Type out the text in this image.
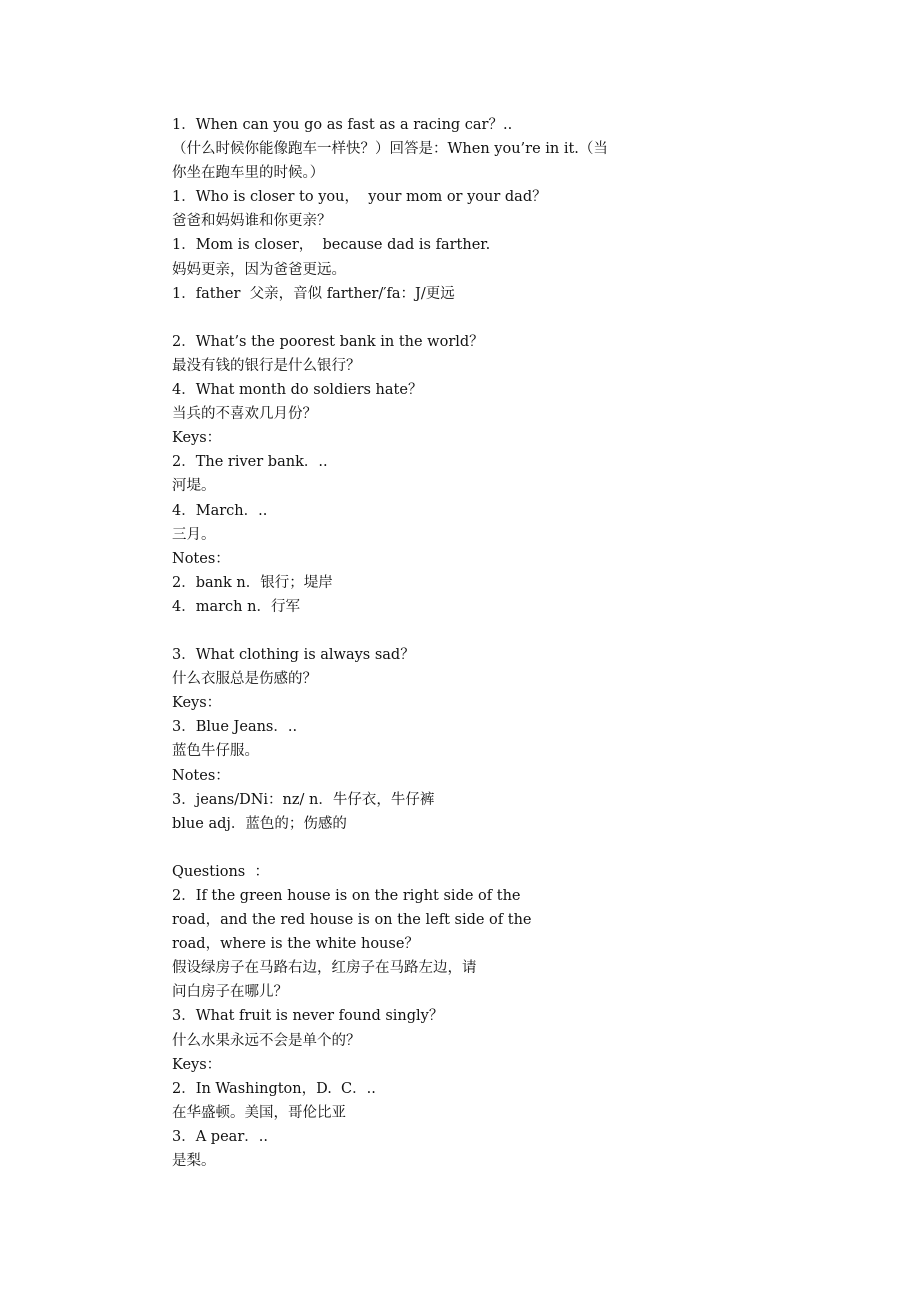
1．When can you go as fast as a racing car？..
（什么时候你能像跑车一样快？）回答是：When you’re in it.（当
你坐在跑车里的时候。）
1．Who is closer to you，  your mom or your dad？
爸爸和妈妈谁和你更亲？
1．Mom is closer，  because dad is farther.
妈妈更亲，因为爸爸更远。
1．father  父亲，音似 farther/′fa：J/更远
2．What’s the poorest bank in the world？
最没有钱的银行是什么银行？
4．What month do soldiers hate？
当兵的不喜欢几月份？
Keys：
2．The river bank．..
河堤。
4．March．..
三月。
Notes：
2．bank n．银行；堤岸
4．march n．行军
3．What clothing is always sad？
什么衣服总是伤感的？
Keys：
3．Blue Jeans．..
蓝色牛仔服。
Notes：
3．jeans/DNi：nz/ n．牛仔衣，牛仔裤
blue adj．蓝色的；伤感的
Questions  ：
2．If the green house is on the right side of the
road，and the red house is on the left side of the
road，where is the white house？
假设绿房子在马路右边，红房子在马路左边，请
问白房子在哪儿？
3．What fruit is never found singly？
什么水果永远不会是单个的？
Keys：
2．In Washington，D.  C．..
在华盛顿。美国，哥伦比亚
3．A pear．..
是梨。
